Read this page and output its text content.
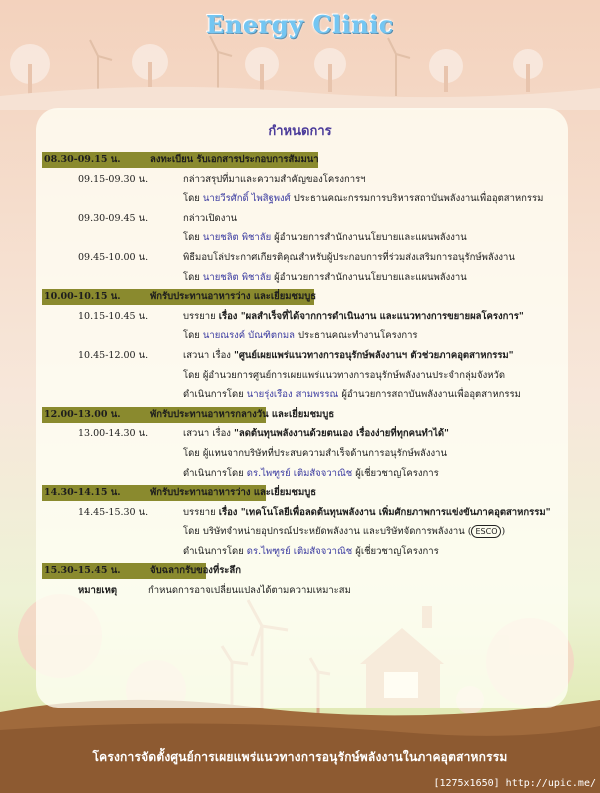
Energy Clinic
กำหนดการ
08.30-09.15 น.	ลงทะเบียน รับเอกสารประกอบการสัมมนา
09.15-09.30 น.	กล่าวสรุปที่มาและความสำคัญของโครงการฯ
โดย นายวีรศักดิ์ ไพสิฐพงศ์ ประธานคณะกรรมการบริหารสถาบันพลังงานเพื่ออุตสาหกรรม
09.30-09.45 น.	กล่าวเปิดงาน
โดย นายชลิต พิชาลัย ผู้อำนวยการสำนักงานนโยบายและแผนพลังงาน
09.45-10.00 น.	พิธีมอบโล่ประกาศเกียรติคุณสำหรับผู้ประกอบการที่ร่วมส่งเสริมการอนุรักษ์พลังงาน
โดย นายชลิต พิชาลัย ผู้อำนวยการสำนักงานนโยบายและแผนพลังงาน
10.00-10.15 น.	พักรับประทานอาหารว่าง และเยี่ยมชมบูธ
10.15-10.45 น.	บรรยาย เรื่อง "ผลสำเร็จที่ได้จากการดำเนินงาน และแนวทางการขยายผลโครงการ"
โดย นายณรงค์ บัณฑิตกมล ประธานคณะทำงานโครงการ
10.45-12.00 น.	เสวนา เรื่อง "ศูนย์เผยแพร่แนวทางการอนุรักษ์พลังงานฯ ตัวช่วยภาคอุตสาหกรรม"
โดย ผู้อำนวยการศูนย์การเผยแพร่แนวทางการอนุรักษ์พลังงานประจำกลุ่มจังหวัด
ดำเนินการโดย นายรุ่งเรือง สามพรรณ ผู้อำนวยการสถาบันพลังงานเพื่ออุตสาหกรรม
12.00-13.00 น.	พักรับประทานอาหารกลางวัน และเยี่ยมชมบูธ
13.00-14.30 น.	เสวนา เรื่อง "ลดต้นทุนพลังงานด้วยตนเอง เรื่องง่ายที่ทุกคนทำได้"
โดย ผู้แทนจากบริษัทที่ประสบความสำเร็จด้านการอนุรักษ์พลังงาน
ดำเนินการโดย ดร.ไพฑูรย์ เติมสัจจวาณิช ผู้เชี่ยวชาญโครงการ
14.30-14.15 น.	พักรับประทานอาหารว่าง และเยี่ยมชมบูธ
14.45-15.30 น.	บรรยาย เรื่อง "เทคโนโลยีเพื่อลดต้นทุนพลังงาน เพิ่มศักยภาพการแข่งขันภาคอุตสาหกรรม"
โดย บริษัทจำหน่ายอุปกรณ์ประหยัดพลังงาน และบริษัทจัดการพลังงาน ( ESCO )
ดำเนินการโดย ดร.ไพฑูรย์ เติมสัจจวาณิช ผู้เชี่ยวชาญโครงการ
15.30-15.45 น.	จับฉลากรับของที่ระลึก
หมายเหตุ	กำหนดการอาจเปลี่ยนแปลงได้ตามความเหมาะสม
โครงการจัดตั้งศูนย์การเผยแพร่แนวทางการอนุรักษ์พลังงานในภาคอุตสาหกรรม
[1275x1650] http://upic.me/
